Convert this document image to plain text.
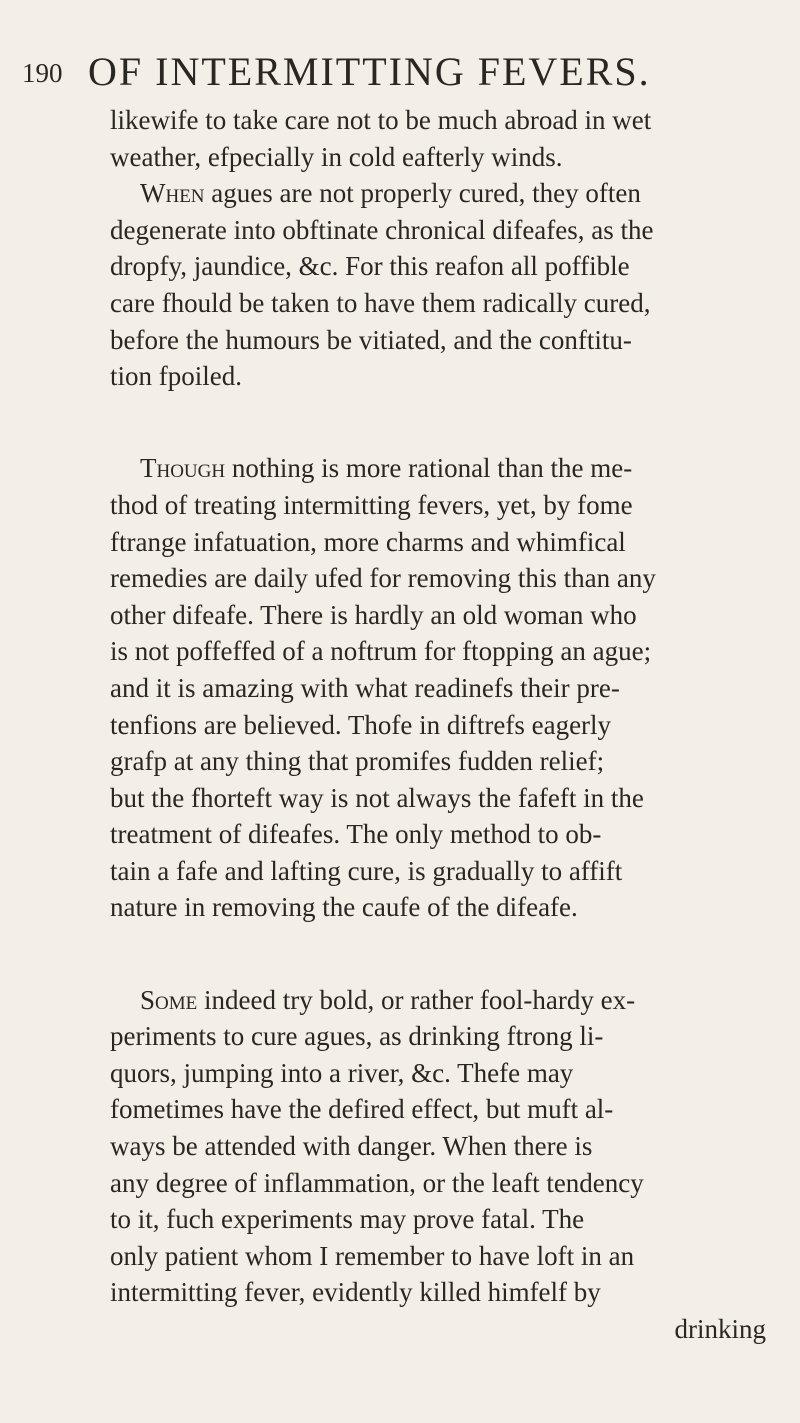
190 OF INTERMITTING FEVERS.
likewife to take care not to be much abroad in wet
weather, efpecially in cold eafterly winds.
When agues are not properly cured, they often
degenerate into obftinate chronical difeafes, as the
dropfy, jaundice, &c. For this reafon all poffible
care fhould be taken to have them radically cured,
before the humours be vitiated, and the conftitu-
tion fpoiled.
Though nothing is more rational than the me-
thod of treating intermitting fevers, yet, by fome
ftrange infatuation, more charms and whimfical
remedies are daily ufed for removing this than any
other difeafe. There is hardly an old woman who
is not poffeffed of a noftrum for ftopping an ague;
and it is amazing with what readinefs their pre-
tenfions are believed. Thofe in diftrefs eagerly
grafp at any thing that promifes fudden relief;
but the fhorteft way is not always the fafeft in the
treatment of difeafes. The only method to ob-
tain a fafe and lafting cure, is gradually to affift
nature in removing the caufe of the difeafe.
Some indeed try bold, or rather fool-hardy ex-
periments to cure agues, as drinking ftrong li-
quors, jumping into a river, &c. Thefe may
fometimes have the defired effect, but muft al-
ways be attended with danger. When there is
any degree of inflammation, or the leaft tendency
to it, fuch experiments may prove fatal. The
only patient whom I remember to have loft in an
intermitting fever, evidently killed himfelf by
drinking
